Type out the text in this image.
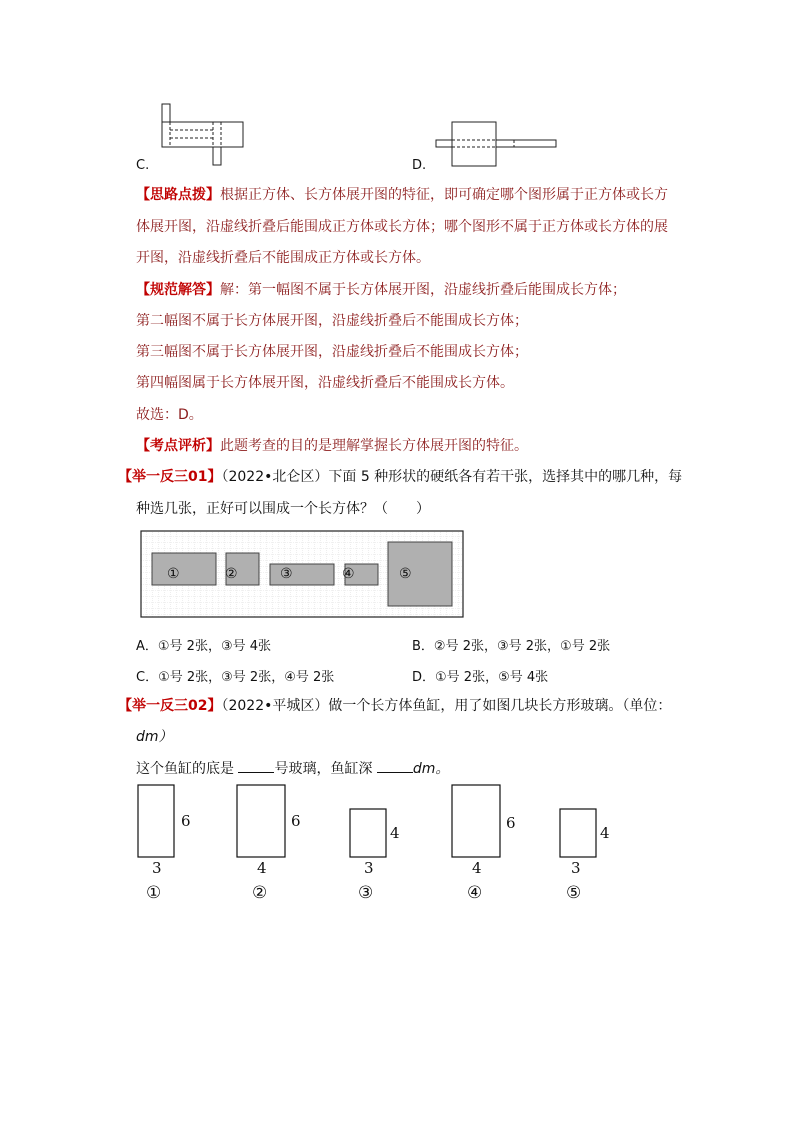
C.	D.
【思路点拨】根据正方体、长方体展开图的特征，即可确定哪个图形属于正方体或长方
体展开图，沿虚线折叠后能围成正方体或长方体；哪个图形不属于正方体或长方体的展
开图，沿虚线折叠后不能围成正方体或长方体。
【规范解答】解：第一幅图不属于长方体展开图，沿虚线折叠后能围成长方体；
第二幅图不属于长方体展开图，沿虚线折叠后不能围成长方体；
第三幅图不属于长方体展开图，沿虚线折叠后不能围成长方体；
第四幅图属于长方体展开图，沿虚线折叠后不能围成长方体。
故选：D。
【考点评析】此题考查的目的是理解掌握长方体展开图的特征。
【举一反三01】（2022•北仑区）下面 5 种形状的硬纸各有若干张，选择其中的哪几种，每
种选几张，正好可以围成一个长方体？（　　）
①	②	③	④	⑤
A．①号 2张，③号 4张	B．②号 2张，③号 2张，①号 2张
C．①号 2张，③号 2张，④号 2张	D．①号 2张，⑤号 4张
【举一反三02】（2022•平城区）做一个长方体鱼缸，用了如图几块长方形玻璃。（单位：
dm）
这个鱼缸的底是	号玻璃，鱼缸深	dm。
6	6
4
6
4
3	4	3	4	3
①	②	③	④	⑤
